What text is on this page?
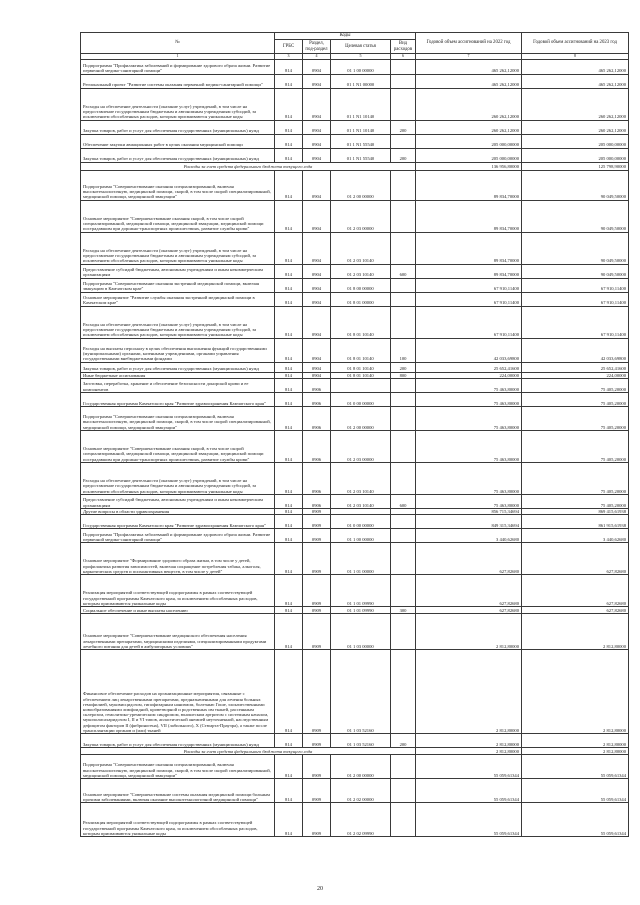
№	Коды				Годовой объем ассигнований на 2022 год	Годовой объем ассигнований на 2023 год
	ГРБС	Раздел, под-раздел	Целевая статья	Вид расходов		
1	3	4	5	6	7	8
Подпрограмма "Профилактика заболеваний и формирование здорового образа жизни. Развитие первичной медико-санитарной помощи"	814	0904	01 1 00 00000		465 262,12000	465 262,12000
Региональный проект "Развитие системы оказания первичной медико-санитарной помощи"	814	0904	01 1 N1 00000		465 262,12000	465 262,12000
Расходы на обеспечение деятельности (оказание услуг) учреждений, в том числе на предоставление государственным бюджетным и автономным учреждениям субсидий, за исключением обособленных расходов, которым присваиваются уникальные коды	814	0904	01 1 N1 10140		260 262,12000	260 262,12000
Закупка товаров, работ и услуг для обеспечения государственных (муниципальных) нужд	814	0904	01 1 N1 10140	200	260 262,12000	260 262,12000
Обеспечение закупки авиационных работ в целях оказания медицинской помощи	814	0904	01 1 N1 55540		205 000,00000	205 000,00000
Закупка товаров, работ и услуг для обеспечения государственных (муниципальных) нужд	814	0904	01 1 N1 55540	200	205 000,00000	205 000,00000
Расходы за счет средств федерального бюджета текущего года					136 956,80000	125 798,90000
Подпрограмма "Совершенствование оказания специализированной, включая высокотехнологичную, медицинской помощи, скорой, в том числе скорой специализированной, медицинской помощи, медицинской эвакуации"	814	0904	01 2 00 00000		89 834,70000	90 049,50000
Основное мероприятие "Совершенствование оказания скорой, в том числе скорой специализированной, медицинской помощи, медицинской эвакуации, медицинской помощи пострадавшим при дорожно-транспортных происшествиях, развитие службы крови"	814	0904	01 2 03 00000		89 834,70000	90 049,50000
Расходы на обеспечение деятельности (оказание услуг) учреждений, в том числе на предоставление государственным бюджетным и автономным учреждениям субсидий, за исключением обособленных расходов, которым присваиваются уникальные коды	814	0904	01 2 03 10140		89 834,70000	90 049,50000
Предоставление субсидий бюджетным, автономным учреждениям и иным некоммерческим организациям	814	0904	01 2 03 10140	600	89 834,70000	90 049,50000
Подпрограмма "Совершенствование оказания экстренной медицинской помощи, включая эвакуацию в Камчатском крае"	814	0904	01 8 00 00000		67 910,11400	67 910,11400
Основное мероприятие "Развитие службы оказания экстренной медицинской помощи в Камчатском крае"	814	0904	01 8 01 00000		67 910,11400	67 910,11400
Расходы на обеспечение деятельности (оказание услуг) учреждений, в том числе на предоставление государственным бюджетным и автономным учреждениям субсидий, за исключением обособленных расходов, которым присваиваются уникальные коды	814	0904	01 8 01 10140		67 910,11400	67 910,11400
Расходы на выплаты персоналу в целях обеспечения выполнения функций государственными (муниципальными) органами, казенными учреждениями, органами управления государственными внебюджетными фондами	814	0904	01 8 01 10140	100	42 033,69800	42 033,69800
Закупка товаров, работ и услуг для обеспечения государственных (муниципальных) нужд	814	0904	01 8 01 10140	200	25 652,41600	25 652,41600
Иные бюджетные ассигнования	814	0904	01 8 01 10140	800	224,00000	224,00000
Заготовка, переработка, хранение и обеспечение безопасности донорской крови и ее компонентов	814	0906			75 463,80000	75 405,20000
Государственная программа Камчатского края "Развитие здравоохранения Камчатского края"	814	0906	01 0 00 00000		75 463,80000	75 405,20000
Подпрограмма "Совершенствование оказания специализированной, включая высокотехнологичную, медицинской помощи, скорой, в том числе скорой специализированной, медицинской помощи, медицинской эвакуации"	814	0906	01 2 00 00000		75 463,80000	75 405,20000
Основное мероприятие "Совершенствование оказания скорой, в том числе скорой специализированной, медицинской помощи, медицинской эвакуации, медицинской помощи пострадавшим при дорожно-транспортных происшествиях, развитие службы крови"	814	0906	01 2 03 00000		75 463,80000	75 405,20000
Расходы на обеспечение деятельности (оказание услуг) учреждений, в том числе на предоставление государственным бюджетным и автономным учреждениям субсидий, за исключением обособленных расходов, которым присваиваются уникальные коды	814	0906	01 2 03 10140		75 463,80000	75 405,20000
Предоставление субсидий бюджетным, автономным учреждениям и иным некоммерческим организациям	814	0906	01 2 03 10140	600	75 463,80000	75 405,20000
Другие вопросы в области здравоохранения	814	0909			856 715,34694	869 415,61938
Государственная программа Камчатского края "Развитие здравоохранения Камчатского края"	814	0909	01 0 00 00000		849 315,34694	861 915,61938
Подпрограмма "Профилактика заболеваний и формирование здорового образа жизни. Развитие первичной медико-санитарной помощи"	814	0909	01 1 00 00000		3 440,62680	3 440,62680
Основное мероприятие "Формирование здорового образа жизни, в том числе у детей, профилактика развития зависимостей, включая сокращение потребления табака, алкоголя, наркотических средств и психоактивных веществ, в том числе у детей"	814	0909	01 1 01 00000		627,82680	627,82680
Реализация мероприятий соответствующей подпрограммы в рамках соответствующей государственной программы Камчатского края, за исключением обособленных расходов, которым присваиваются уникальные коды	814	0909	01 1 01 09990		627,82680	627,82680
Социальное обеспечение и иные выплаты населению	814	0909	01 1 01 09990	300	627,82680	627,82680
Основное мероприятие "Совершенствование медицинского обеспечения населения лекарственными препаратами, медицинскими изделиями, специализированными продуктами лечебного питания для детей в амбулаторных условиях"	814	0909	01 1 03 00000		2 812,80000	2 812,80000
Финансовое обеспечение расходов на организационные мероприятия, связанные с обеспечением лиц лекарственными препаратами, предназначенными для лечения больных гемофилией, муковисцидозом, гипофизарным нанизмом, болезнью Гоше, злокачественными новообразованиями лимфоидной, кроветворной и родственных им тканей, рассеянным склерозом, гемолитико-уремическим синдромом, юношеским артритом с системным началом, мукополисахаридозом I, II и VI типов, апластической анемией неуточненной, наследственным дефицитом факторов II (фибриногена), VII (лабильного), X (Стюарта-Прауэра), а также после трансплантации органов и (или) тканей	814	0909	01 1 03 52160		2 812,80000	2 812,80000
Закупка товаров, работ и услуг для обеспечения государственных (муниципальных) нужд	814	0909	01 1 03 52160	200	2 812,80000	2 812,80000
Расходы за счет средств федерального бюджета текущего года					2 812,80000	2 812,80000
Подпрограмма "Совершенствование оказания специализированной, включая высокотехнологичную, медицинской помощи, скорой, в том числе скорой специализированной, медицинской помощи, медицинской эвакуации"	814	0909	01 2 00 00000		55 059,61344	55 059,61344
Основное мероприятие "Совершенствование системы оказания медицинской помощи больным прочими заболеваниями, включая оказание высокотехнологичной медицинской помощи"	814	0909	01 2 02 00000		55 059,61344	55 059,61344
Реализация мероприятий соответствующей подпрограммы в рамках соответствующей государственной программы Камчатского края, за исключением обособленных расходов, которым присваиваются уникальные коды	814	0909	01 2 02 09990		55 059,61344	55 059,61344
20
